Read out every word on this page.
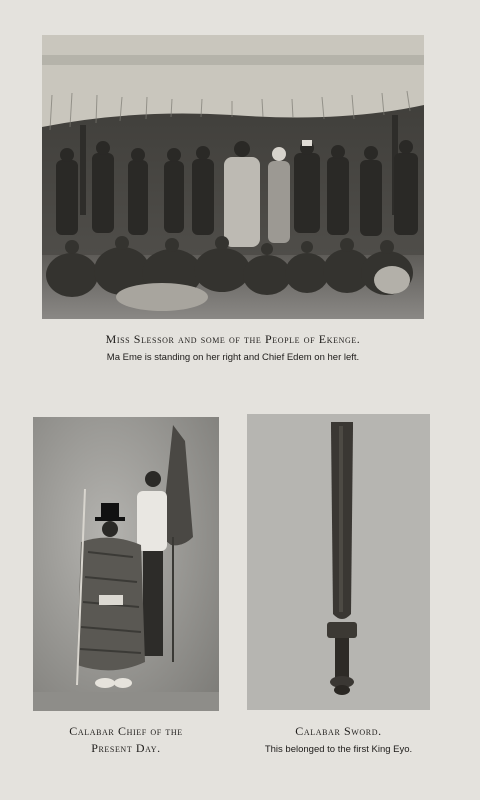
Miss Slessor and some of the People of Ekenge.
Ma Eme is standing on her right and Chief Edem on her left.
Calabar Chief of the
Present Day.
Calabar Sword.
This belonged to the first King Eyo.
